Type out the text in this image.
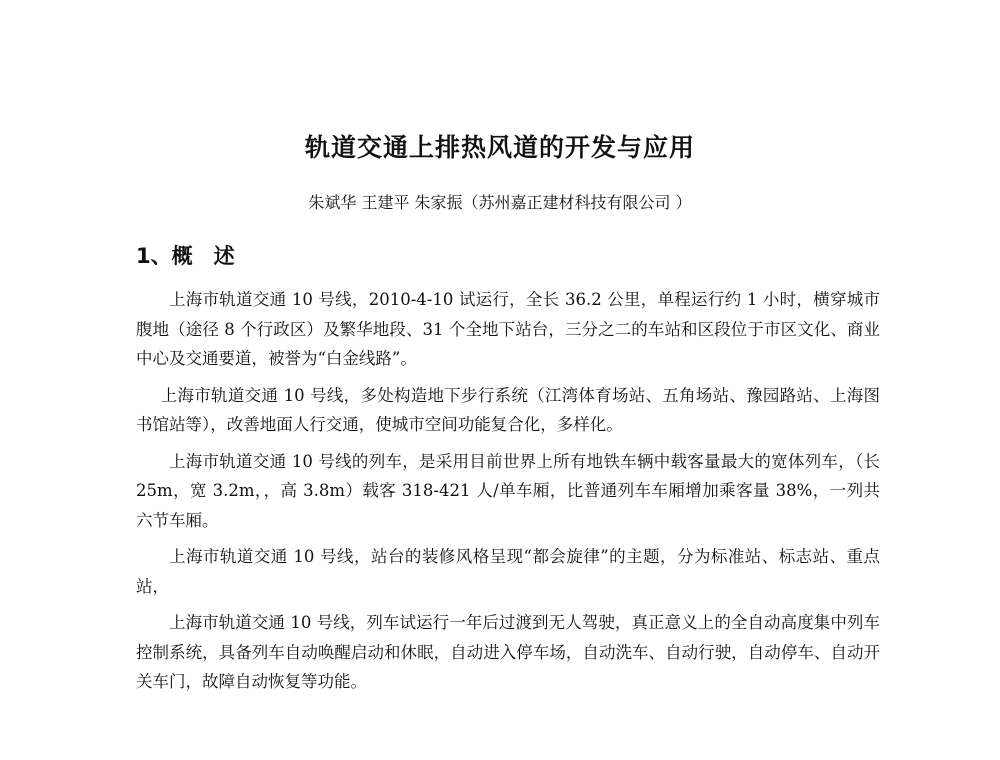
轨道交通上排热风道的开发与应用
朱斌华 王建平 朱家振（苏州嘉正建材科技有限公司 ）
1、概　述

上海市轨道交通 10 号线，2010-4-10 试运行，全长 36.2 公里，单程运行约 1 小时，横穿城市腹地（途径 8 个行政区）及繁华地段、31 个全地下站台，三分之二的车站和区段位于市区文化、商业中心及交通要道，被誉为“白金线路”。

上海市轨道交通 10 号线，多处构造地下步行系统（江湾体育场站、五角场站、豫园路站、上海图书馆站等），改善地面人行交通，使城市空间功能复合化，多样化。

上海市轨道交通 10 号线的列车，是采用目前世界上所有地铁车辆中载客量最大的宽体列车，（长 25m，宽 3.2m，，高 3.8m）载客 318-421 人/单车厢，比普通列车车厢增加乘客量 38%，一列共六节车厢。

上海市轨道交通 10 号线，站台的装修风格呈现“都会旋律”的主题，分为标准站、标志站、重点站，

上海市轨道交通 10 号线，列车试运行一年后过渡到无人驾驶，真正意义上的全自动高度集中列车控制系统，具备列车自动唤醒启动和休眠，自动进入停车场，自动洗车、自动行驶，自动停车、自动开关车门，故障自动恢复等功能。
